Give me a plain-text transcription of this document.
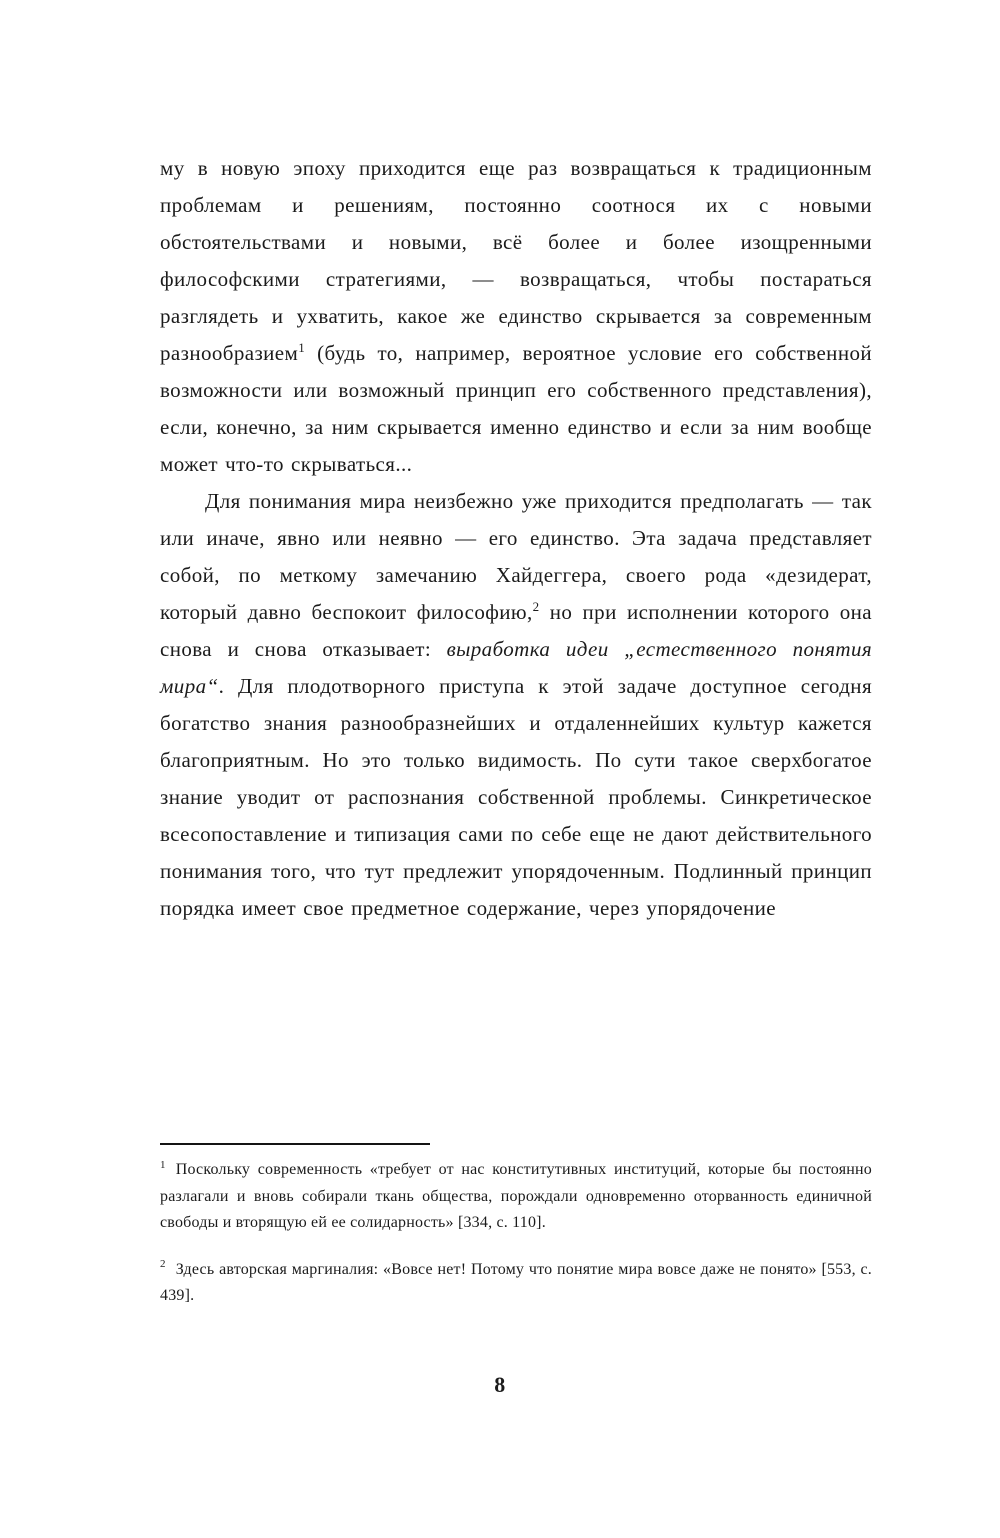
му в новую эпоху приходится еще раз возвращаться к традиционным проблемам и решениям, постоянно соотнося их с новыми обстоятельствами и новыми, всё более и более изощренными философскими стратегиями, — возвращаться, чтобы постараться разглядеть и ухватить, какое же единство скрывается за современным разнообразием$^1$ (будь то, например, вероятное условие его собственной возможности или возможный принцип его собственного представления), если, конечно, за ним скрывается именно единство и если за ним вообще может что-то скрываться...

Для понимания мира неизбежно уже приходится предполагать — так или иначе, явно или неявно — его единство. Эта задача представляет собой, по меткому замечанию Хайдеггера, своего рода «дезидерат, который давно беспокоит философию,$^2$ но при исполнении которого она снова и снова отказывает: выработка идеи „естественного понятия мира“. Для плодотворного приступа к этой задаче доступное сегодня богатство знания разнообразнейших и отдаленнейших культур кажется благоприятным. Но это только видимость. По сути такое сверхбогатое знание уводит от распознания собственной проблемы. Синкретическое всесопоставление и типизация сами по себе еще не дают действительного понимания того, что тут предлежит упорядоченным. Подлинный принцип порядка имеет свое предметное содержание, через упорядочение

$^1$ Поскольку современность «требует от нас конститутивных институций, которые бы постоянно разлагали и вновь собирали ткань общества, порождали одновременно оторванность единичной свободы и вторящую ей ее солидарность» [334, с. 110].

$^2$ Здесь авторская маргиналия: «Вовсе нет! Потому что понятие мира вовсе даже не понято» [553, с. 439].

8
